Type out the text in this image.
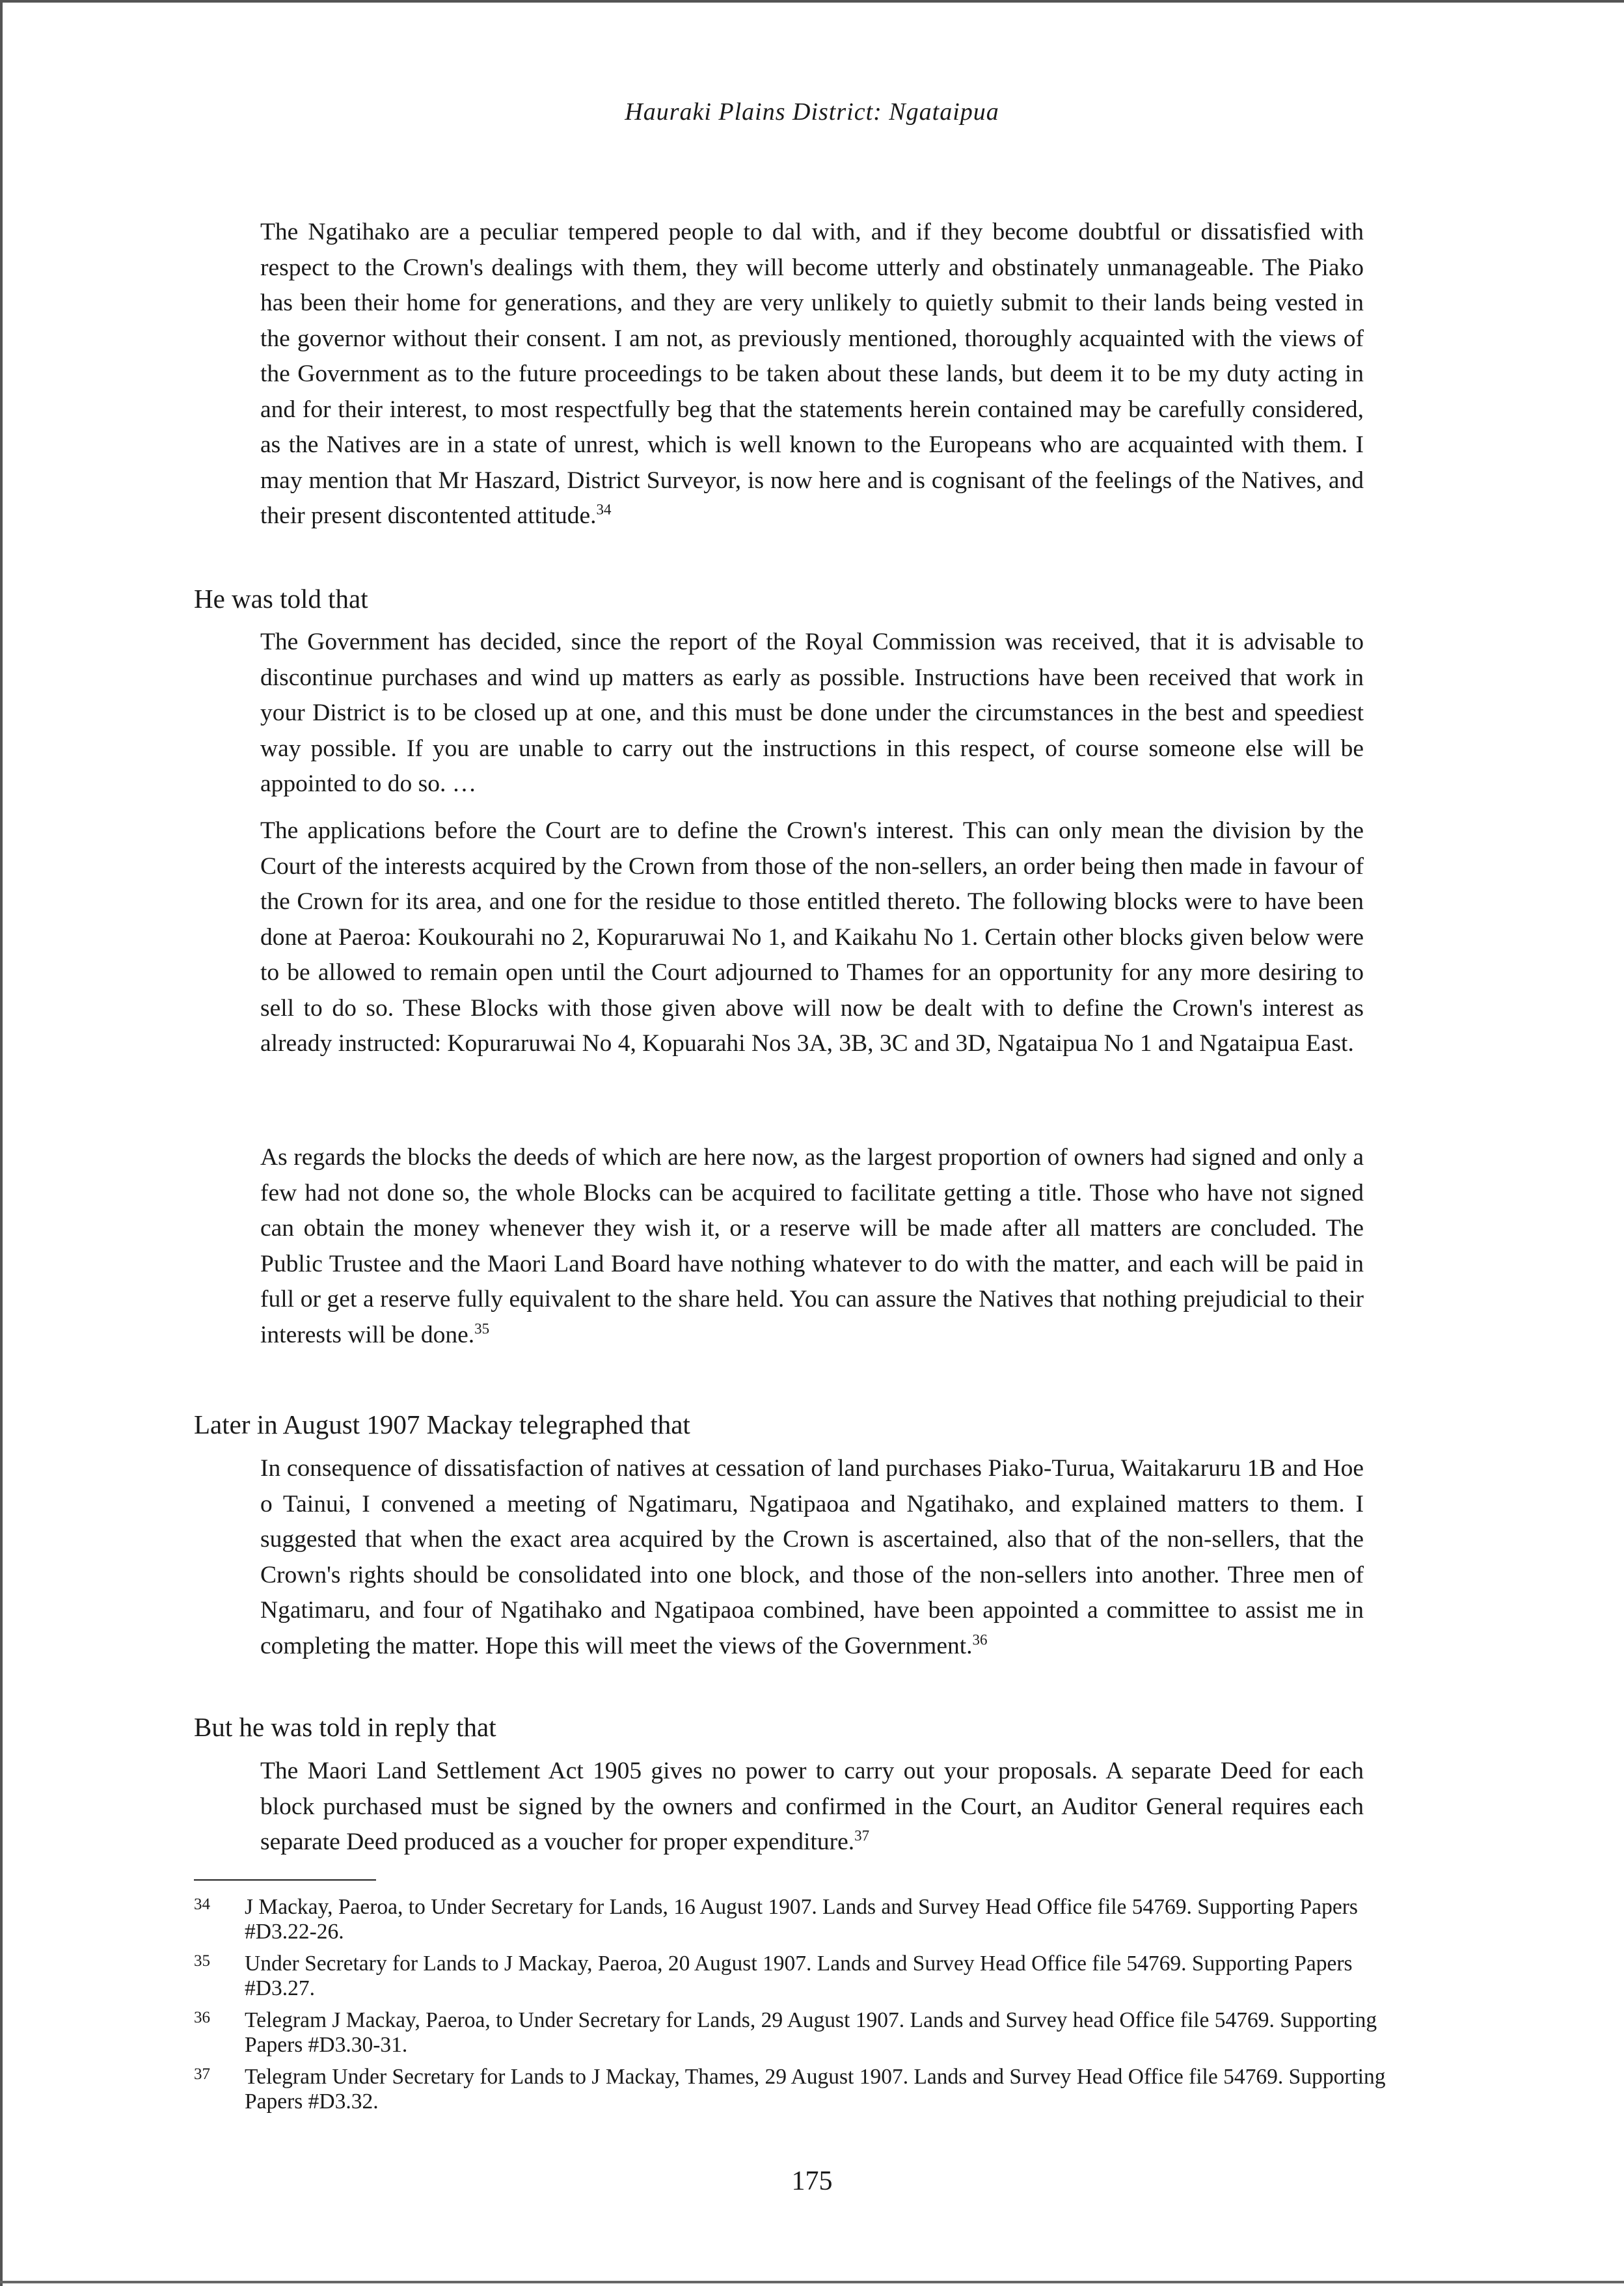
Hauraki Plains District: Ngataipua

The Ngatihako are a peculiar tempered people to dal with, and if they become doubtful or dissatisfied with respect to the Crown's dealings with them, they will become utterly and obstinately unmanageable. The Piako has been their home for generations, and they are very unlikely to quietly submit to their lands being vested in the governor without their consent. I am not, as previously mentioned, thoroughly acquainted with the views of the Government as to the future proceedings to be taken about these lands, but deem it to be my duty acting in and for their interest, to most respectfully beg that the statements herein contained may be carefully considered, as the Natives are in a state of unrest, which is well known to the Europeans who are acquainted with them. I may mention that Mr Haszard, District Surveyor, is now here and is cognisant of the feelings of the Natives, and their present discontented attitude.$^{34}$

He was told that

The Government has decided, since the report of the Royal Commission was received, that it is advisable to discontinue purchases and wind up matters as early as possible. Instructions have been received that work in your District is to be closed up at one, and this must be done under the circumstances in the best and speediest way possible. If you are unable to carry out the instructions in this respect, of course someone else will be appointed to do so. …

The applications before the Court are to define the Crown's interest. This can only mean the division by the Court of the interests acquired by the Crown from those of the non-sellers, an order being then made in favour of the Crown for its area, and one for the residue to those entitled thereto. The following blocks were to have been done at Paeroa: Koukourahi no 2, Kopuraruwai No 1, and Kaikahu No 1. Certain other blocks given below were to be allowed to remain open until the Court adjourned to Thames for an opportunity for any more desiring to sell to do so. These Blocks with those given above will now be dealt with to define the Crown's interest as already instructed: Kopuraruwai No 4, Kopuarahi Nos 3A, 3B, 3C and 3D, Ngataipua No 1 and Ngataipua East.

As regards the blocks the deeds of which are here now, as the largest proportion of owners had signed and only a few had not done so, the whole Blocks can be acquired to facilitate getting a title. Those who have not signed can obtain the money whenever they wish it, or a reserve will be made after all matters are concluded. The Public Trustee and the Maori Land Board have nothing whatever to do with the matter, and each will be paid in full or get a reserve fully equivalent to the share held. You can assure the Natives that nothing prejudicial to their interests will be done.$^{35}$

Later in August 1907 Mackay telegraphed that

In consequence of dissatisfaction of natives at cessation of land purchases Piako-Turua, Waitakaruru 1B and Hoe o Tainui, I convened a meeting of Ngatimaru, Ngatipaoa and Ngatihako, and explained matters to them. I suggested that when the exact area acquired by the Crown is ascertained, also that of the non-sellers, that the Crown's rights should be consolidated into one block, and those of the non-sellers into another. Three men of Ngatimaru, and four of Ngatihako and Ngatipaoa combined, have been appointed a committee to assist me in completing the matter. Hope this will meet the views of the Government.$^{36}$

But he was told in reply that

The Maori Land Settlement Act 1905 gives no power to carry out your proposals. A separate Deed for each block purchased must be signed by the owners and confirmed in the Court, an Auditor General requires each separate Deed produced as a voucher for proper expenditure.$^{37}$

34 J Mackay, Paeroa, to Under Secretary for Lands, 16 August 1907. Lands and Survey Head Office file 54769. Supporting Papers #D3.22-26.

35 Under Secretary for Lands to J Mackay, Paeroa, 20 August 1907. Lands and Survey Head Office file 54769. Supporting Papers #D3.27.

36 Telegram J Mackay, Paeroa, to Under Secretary for Lands, 29 August 1907. Lands and Survey head Office file 54769. Supporting Papers #D3.30-31.

37 Telegram Under Secretary for Lands to J Mackay, Thames, 29 August 1907. Lands and Survey Head Office file 54769. Supporting Papers #D3.32.

175
